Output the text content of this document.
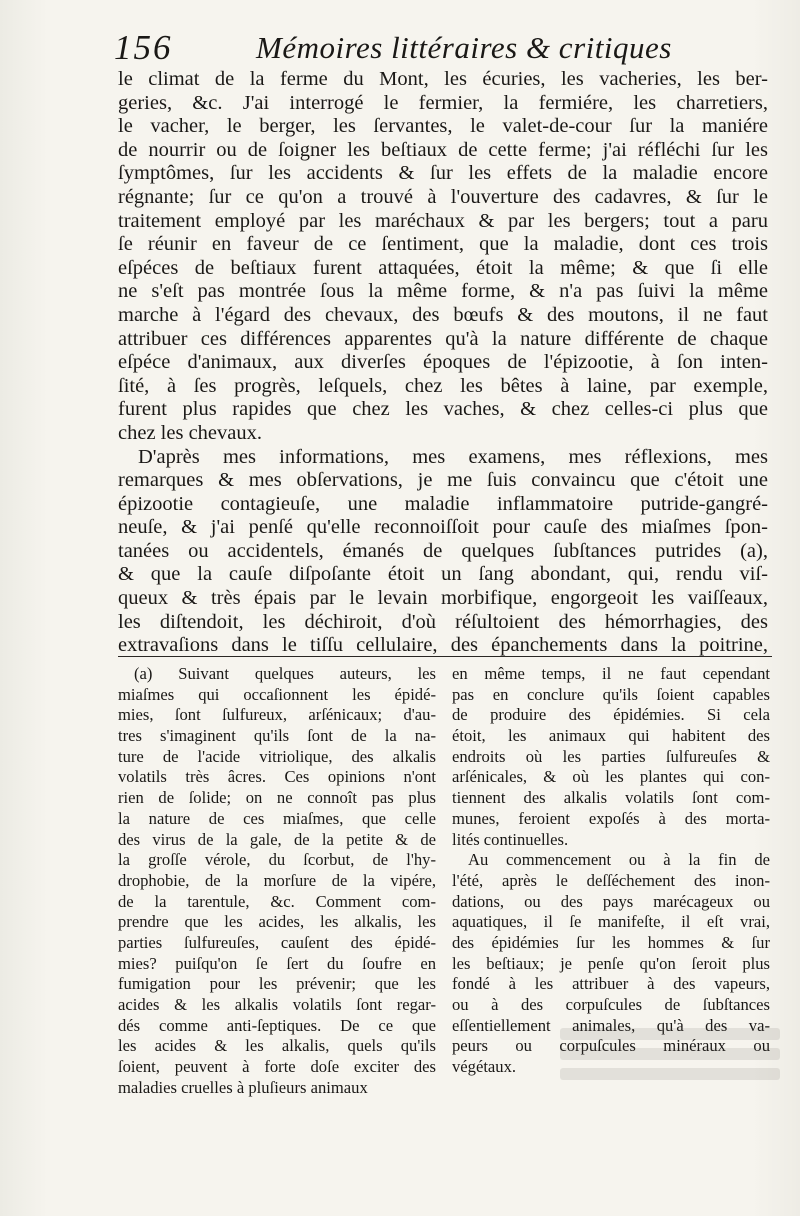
156	Mémoires littéraires & critiques
le climat de la ferme du Mont, les écuries, les vacheries, les ber-
geries, &c. J'ai interrogé le fermier, la fermiére, les charretiers,
le vacher, le berger, les ſervantes, le valet-de-cour ſur la maniére
de nourrir ou de ſoigner les beſtiaux de cette ferme; j'ai réfléchi ſur les
ſymptômes, ſur les accidents & ſur les effets de la maladie encore
régnante; ſur ce qu'on a trouvé à l'ouverture des cadavres, & ſur le
traitement employé par les maréchaux & par les bergers; tout a paru
ſe réunir en faveur de ce ſentiment, que la maladie, dont ces trois
eſpéces de beſtiaux furent attaquées, étoit la même; & que ſi elle
ne s'eſt pas montrée ſous la même forme, & n'a pas ſuivi la même
marche à l'égard des chevaux, des bœufs & des moutons, il ne faut
attribuer ces différences apparentes qu'à la nature différente de chaque
eſpéce d'animaux, aux diverſes époques de l'épizootie, à ſon inten-
ſité, à ſes progrès, leſquels, chez les bêtes à laine, par exemple,
furent plus rapides que chez les vaches, & chez celles-ci plus que
chez les chevaux.
D'après mes informations, mes examens, mes réflexions, mes
remarques & mes obſervations, je me ſuis convaincu que c'étoit une
épizootie contagieuſe, une maladie inflammatoire putride-gangré-
neuſe, & j'ai penſé qu'elle reconnoiſſoit pour cauſe des miaſmes ſpon-
tanées ou accidentels, émanés de quelques ſubſtances putrides (a),
& que la cauſe diſpoſante étoit un ſang abondant, qui, rendu viſ-
queux & très épais par le levain morbifique, engorgeoit les vaiſſeaux,
les diſtendoit, les déchiroit, d'où réſultoient des hémorrhagies, des
extravaſions dans le tiſſu cellulaire, des épanchements dans la poitrine,
(a) Suivant quelques auteurs, les
miaſmes qui occaſionnent les épidé-
mies, ſont ſulfureux, arſénicaux; d'au-
tres s'imaginent qu'ils ſont de la na-
ture de l'acide vitriolique, des alkalis
volatils très âcres. Ces opinions n'ont
rien de ſolide; on ne connoît pas plus
la nature de ces miaſmes, que celle
des virus de la gale, de la petite & de
la groſſe vérole, du ſcorbut, de l'hy-
drophobie, de la morſure de la vipére,
de la tarentule, &c. Comment com-
prendre que les acides, les alkalis, les
parties ſulfureuſes, cauſent des épidé-
mies? puiſqu'on ſe ſert du ſoufre en
fumigation pour les prévenir; que les
acides & les alkalis volatils ſont regar-
dés comme anti-ſeptiques. De ce que
les acides & les alkalis, quels qu'ils
ſoient, peuvent à forte doſe exciter des
maladies cruelles à pluſieurs animaux
en même temps, il ne faut cependant
pas en conclure qu'ils ſoient capables
de produire des épidémies. Si cela
étoit, les animaux qui habitent des
endroits où les parties ſulfureuſes &
arſénicales, & où les plantes qui con-
tiennent des alkalis volatils ſont com-
munes, feroient expoſés à des morta-
lités continuelles.
Au commencement ou à la fin de
l'été, après le deſſéchement des inon-
dations, ou des pays marécageux ou
aquatiques, il ſe manifeſte, il eſt vrai,
des épidémies ſur les hommes & ſur
les beſtiaux; je penſe qu'on ſeroit plus
fondé à les attribuer à des vapeurs,
ou à des corpuſcules de ſubſtances
eſſentiellement animales, qu'à des va-
peurs ou corpuſcules minéraux ou
végétaux.
